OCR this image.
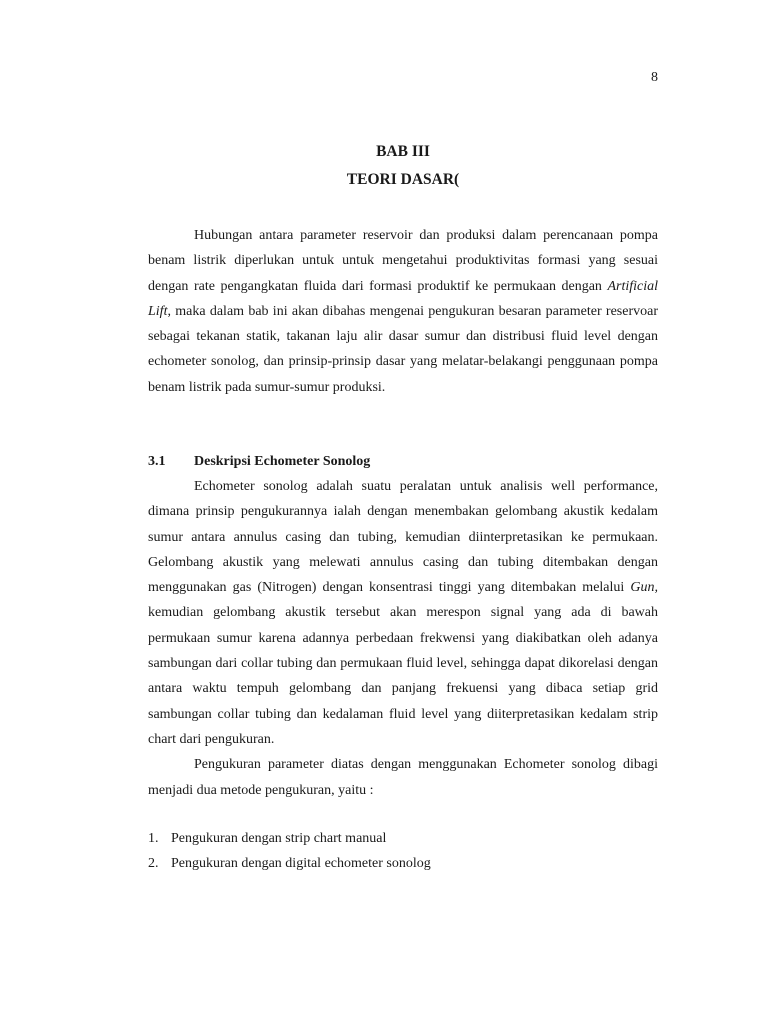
8
BAB III
TEORI DASAR(

Hubungan antara parameter reservoir dan produksi dalam perencanaan pompa benam listrik diperlukan untuk untuk mengetahui produktivitas formasi yang sesuai dengan rate pengangkatan fluida dari formasi produktif ke permukaan dengan Artificial Lift, maka dalam bab ini akan dibahas mengenai pengukuran besaran parameter reservoar sebagai tekanan statik, takanan laju alir dasar sumur dan distribusi fluid level dengan echometer sonolog, dan prinsip-prinsip dasar yang melatar-belakangi penggunaan pompa benam listrik pada sumur-sumur produksi.

3.1 Deskripsi Echometer Sonolog

Echometer sonolog adalah suatu peralatan untuk analisis well performance, dimana prinsip pengukurannya ialah dengan menembakan gelombang akustik kedalam sumur antara annulus casing dan tubing, kemudian diinterpretasikan ke permukaan. Gelombang akustik yang melewati annulus casing dan tubing ditembakan dengan menggunakan gas (Nitrogen) dengan konsentrasi tinggi yang ditembakan melalui Gun, kemudian gelombang akustik tersebut akan merespon signal yang ada di bawah permukaan sumur karena adannya perbedaan frekwensi yang diakibatkan oleh adanya sambungan dari collar tubing dan permukaan fluid level, sehingga dapat dikorelasi dengan antara waktu tempuh gelombang dan panjang frekuensi yang dibaca setiap grid sambungan collar tubing dan kedalaman fluid level yang diiterpretasikan kedalam strip chart dari pengukuran.

Pengukuran parameter diatas dengan menggunakan Echometer sonolog dibagi menjadi dua metode pengukuran, yaitu :

1. Pengukuran dengan strip chart manual
2. Pengukuran dengan digital echometer sonolog
